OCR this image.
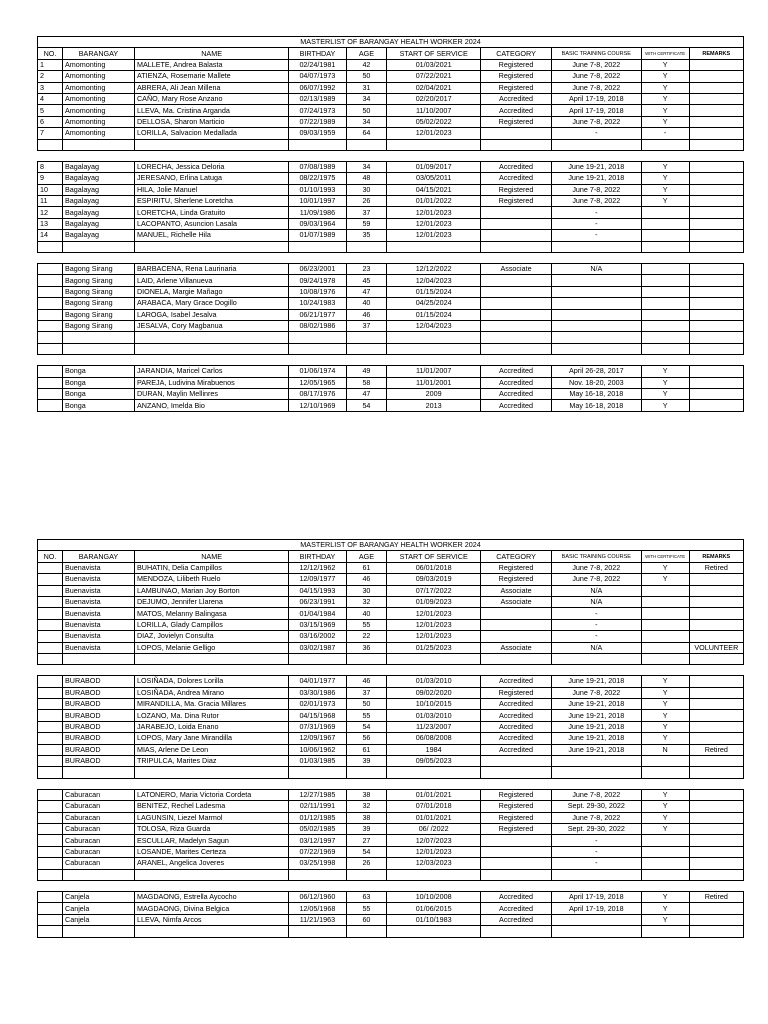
MASTERLIST OF BARANGAY HEALTH WORKER 2024									
NO.	BARANGAY	NAME	BIRTHDAY	AGE	START OF SERVICE	CATEGORY	BASIC TRAINING COURSE	WITH CERTIFICATE	REMARKS
1	Amomonting	MALLETE, Andrea Balasta	02/24/1981	42	01/03/2021	Registered	June 7-8, 2022	Y	
2	Amomonting	ATIENZA, Rosemarie Mallete	04/07/1973	50	07/22/2021	Registered	June 7-8, 2022	Y	
3	Amomonting	ABRERA, Ali Jean Millena	06/07/1992	31	02/04/2021	Registered	June 7-8, 2022	Y	
4	Amomonting	CAÑO, Mary Rose Anzano	02/13/1989	34	02/20/2017	Accredited	April 17-19, 2018	Y	
5	Amomonting	LLEVA, Ma. Cristina Arganda	07/24/1973	50	11/10/2007	Accredited	April 17-19, 2018	Y	
6	Amomonting	DELLOSA, Sharon Marticio	07/22/1989	34	05/02/2022	Registered	June 7-8, 2022	Y	
7	Amomonting	LORILLA, Salvacion Medallada	09/03/1959	64	12/01/2023		-	-	

8	Bagalayag	LORECHA, Jessica Deloria	07/08/1989	34	01/09/2017	Accredited	June 19-21, 2018	Y	
9	Bagalayag	JERESANO, Erlina Latuga	08/22/1975	48	03/05/2011	Accredited	June 19-21, 2018	Y	
10	Bagalayag	HILA, Jolie Manuel	01/10/1993	30	04/15/2021	Registered	June 7-8, 2022	Y	
11	Bagalayag	ESPIRITU, Sherlene Loretcha	10/01/1997	26	01/01/2022	Registered	June 7-8, 2022	Y	
12	Bagalayag	LORETCHA, Linda Gratuito	11/09/1986	37	12/01/2023		-		
13	Bagalayag	LACOPANTO, Asuncion Lasala	09/03/1964	59	12/01/2023		-		
14	Bagalayag	MANUEL, Richelle Hila	01/07/1989	35	12/01/2023		-		

	Bagong Sirang	BARBACENA, Rena Laurinaria	06/23/2001	23	12/12/2022	Associate	N/A		
	Bagong Sirang	LAID, Arlene Villanueva	09/24/1978	45	12/04/2023				
	Bagong Sirang	DIONELA, Margie Mañago	10/08/1976	47	01/15/2024				
	Bagong Sirang	ARABACA, Mary Grace Dogillo	10/24/1983	40	04/25/2024				
	Bagong Sirang	LAROGA, Isabel Jesalva	06/21/1977	46	01/15/2024				
	Bagong Sirang	JESALVA, Cory Magbanua	08/02/1986	37	12/04/2023				

	Bonga	JARANDIA, Maricel Carlos	01/06/1974	49	11/01/2007	Accredited	April 26-28, 2017	Y	
	Bonga	PAREJA, Ludivina Mirabuenos	12/05/1965	58	11/01/2001	Accredited	Nov. 18-20, 2003	Y	
	Bonga	DURAN, Maylin Mellinres	08/17/1976	47	2009	Accredited	May 16-18, 2018	Y	
	Bonga	ANZANO, Imelda Bio	12/10/1969	54	2013	Accredited	May 16-18, 2018	Y	
MASTERLIST OF BARANGAY HEALTH WORKER 2024									
NO.	BARANGAY	NAME	BIRTHDAY	AGE	START OF SERVICE	CATEGORY	BASIC TRAINING COURSE	WITH CERTIFICATE	REMARKS
	Buenavista	BUHATIN, Delia Campillos	12/12/1962	61	06/01/2018	Registered	June 7-8, 2022	Y	Retired
	Buenavista	MENDOZA, Lilibeth Ruelo	12/09/1977	46	09/03/2019	Registered	June 7-8, 2022	Y	
	Buenavista	LAMBUNAO, Marian Joy Borton	04/15/1993	30	07/17/2022	Associate	N/A		
	Buenavista	DEJUMO, Jennifer Llarena	06/23/1991	32	01/09/2023	Associate	N/A		
	Buenavista	MATOS, Melanny Balingasa	01/04/1984	40	12/01/2023		-		
	Buenavista	LORILLA, Glady Campillos	03/15/1969	55	12/01/2023		-		
	Buenavista	DIAZ, Jovielyn Consulta	03/16/2002	22	12/01/2023		-		
	Buenavista	LOPOS, Melanie Gelligo	03/02/1987	36	01/25/2023	Associate	N/A		VOLUNTEER

	BURABOD	LOSIÑADA, Dolores Lorilla	04/01/1977	46	01/03/2010	Accredited	June 19-21, 2018	Y	
	BURABOD	LOSIÑADA, Andrea Mirano	03/30/1986	37	09/02/2020	Registered	June 7-8, 2022	Y	
	BURABOD	MIRANDILLA, Ma. Gracia Millares	02/01/1973	50	10/10/2015	Accredited	June 19-21, 2018	Y	
	BURABOD	LOZANO, Ma. Dina Rutor	04/15/1968	55	01/03/2010	Accredited	June 19-21, 2018	Y	
	BURABOD	JARABEJO, Loida Enano	07/31/1969	54	11/23/2007	Accredited	June 19-21, 2018	Y	
	BURABOD	LOPOS, Mary Jane Mirandilla	12/09/1967	56	06/08/2008	Accredited	June 19-21, 2018	Y	
	BURABOD	MIAS, Arlene De Leon	10/06/1962	61	1984	Accredited	June 19-21, 2018	N	Retired
	BURABOD	TRIPULCA, Marites Diaz	01/03/1985	39	09/05/2023				

	Caburacan	LATONERO, Maria Victoria Cordeta	12/27/1985	38	01/01/2021	Registered	June 7-8, 2022	Y	
	Caburacan	BENITEZ, Rechel Ladesma	02/11/1991	32	07/01/2018	Registered	Sept. 29-30, 2022	Y	
	Caburacan	LAGUNSIN, Liezel Marmol	01/12/1985	38	01/01/2021	Registered	June 7-8, 2022	Y	
	Caburacan	TOLOSA, Riza Guarda	05/02/1985	39	06/ /2022	Registered	Sept. 29-30, 2022	Y	
	Caburacan	ESCULLAR, Madelyn Sagun	03/12/1997	27	12/07/2023		-		
	Caburacan	LOSANDE, Marites Certeza	07/22/1969	54	12/01/2023		-		
	Caburacan	ARANEL, Angelica Joveres	03/25/1998	26	12/03/2023		-		

	Canjela	MAGDAONG, Estrella Aycocho	06/12/1960	63	10/10/2008	Accredited	April 17-19, 2018	Y	Retired
	Canjela	MAGDAONG, Divina Belgica	12/05/1968	55	01/06/2015	Accredited	April 17-19, 2018	Y	
	Canjela	LLEVA, Nimfa Arcos	11/21/1963	60	01/10/1983	Accredited		Y	
